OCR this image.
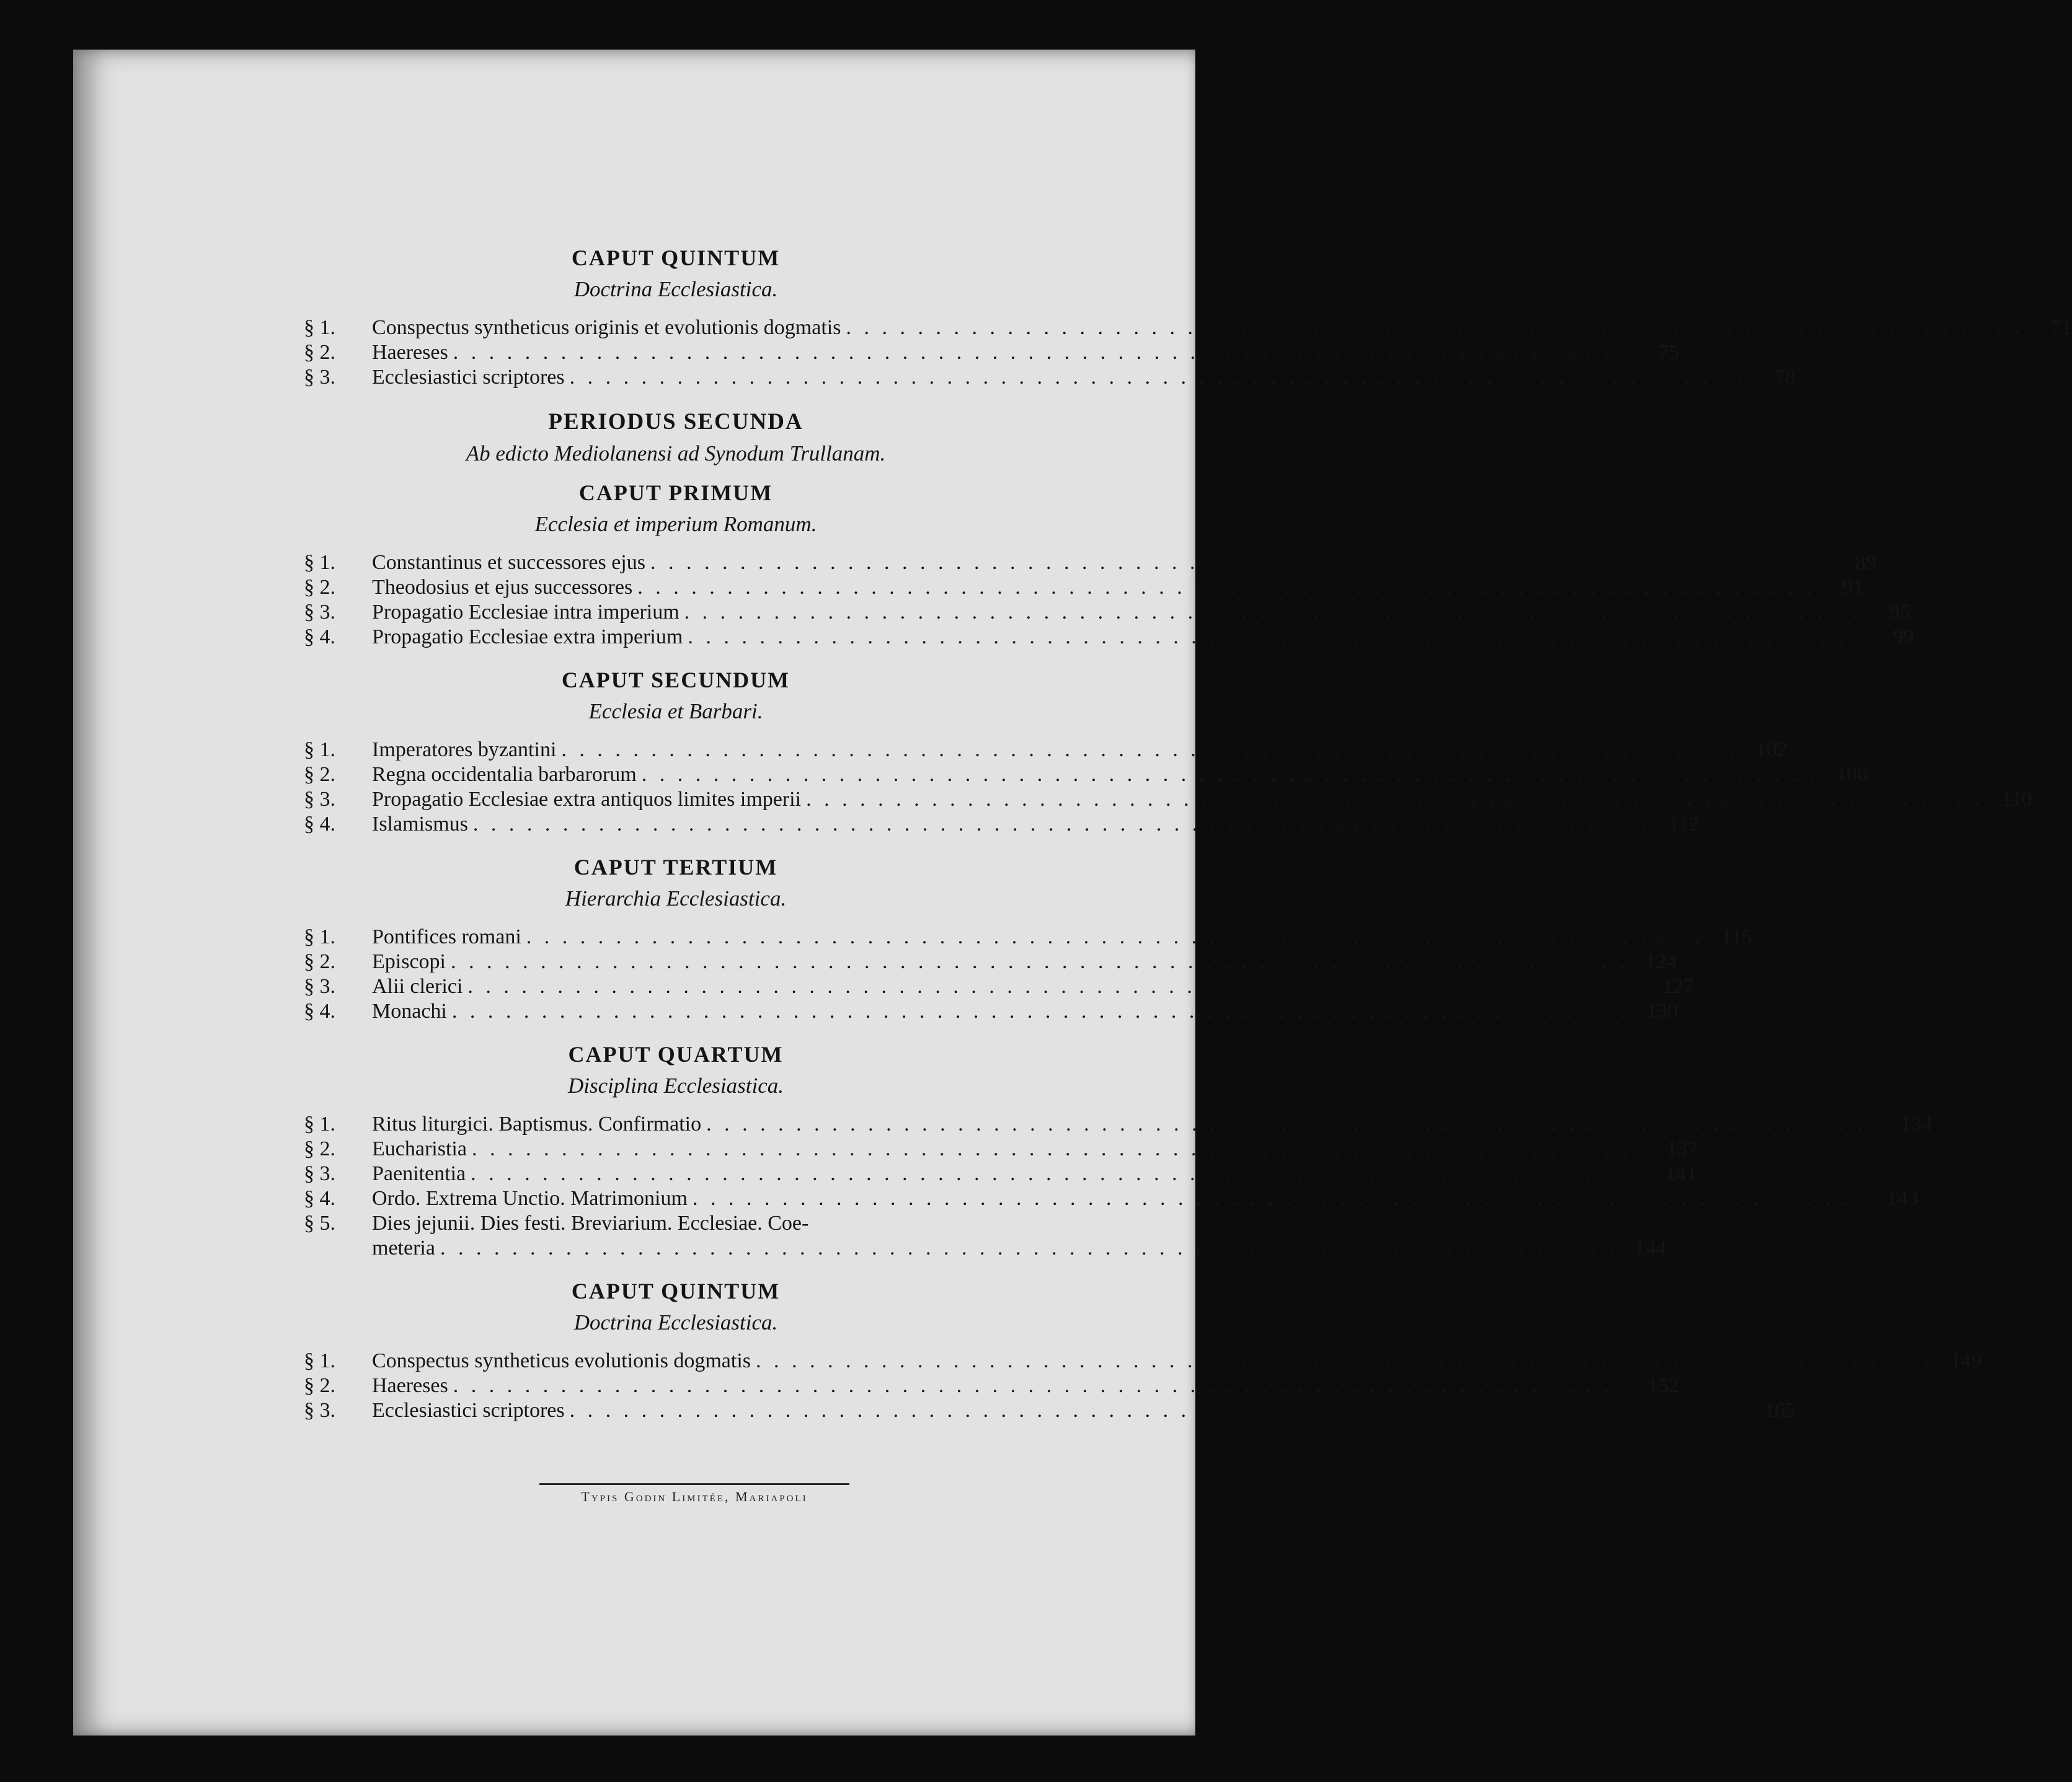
CAPUT QUINTUM
Doctrina Ecclesiastica.
§ 1.	Conspectus syntheticus originis et evolutionis dogmatis . . .	71
§ 2.	Haereses . . .	75
§ 3.	Ecclesiastici scriptores . . .	78
PERIODUS SECUNDA
Ab edicto Mediolanensi ad Synodum Trullanam.
CAPUT PRIMUM
Ecclesia et imperium Romanum.
§ 1.	Constantinus et successores ejus . . .	89
§ 2.	Theodosius et ejus successores . . .	91
§ 3.	Propagatio Ecclesiae intra imperium . . .	95
§ 4.	Propagatio Ecclesiae extra imperium . . .	99
CAPUT SECUNDUM
Ecclesia et Barbari.
§ 1.	Imperatores byzantini . . .	102
§ 2.	Regna occidentalia barbarorum . . .	106
§ 3.	Propagatio Ecclesiae extra antiquos limites imperii . . .	110
§ 4.	Islamismus . . .	112
CAPUT TERTIUM
Hierarchia Ecclesiastica.
§ 1.	Pontifices romani . . .	115
§ 2.	Episcopi . . .	124
§ 3.	Alii clerici . . .	127
§ 4.	Monachi . . .	130
CAPUT QUARTUM
Disciplina Ecclesiastica.
§ 1.	Ritus liturgici. Baptismus. Confirmatio . . .	134
§ 2.	Eucharistia . . .	137
§ 3.	Paenitentia . . .	141
§ 4.	Ordo. Extrema Unctio. Matrimonium . . .	143
§ 5.	Dies jejunii. Dies festi. Breviarium. Ecclesiae. Coe-
meteria . . .	144
CAPUT QUINTUM
Doctrina Ecclesiastica.
§ 1.	Conspectus syntheticus evolutionis dogmatis . . .	149
§ 2.	Haereses . . .	152
§ 3.	Ecclesiastici scriptores . . .	165
Typis Godin Limitée, Mariapoli
